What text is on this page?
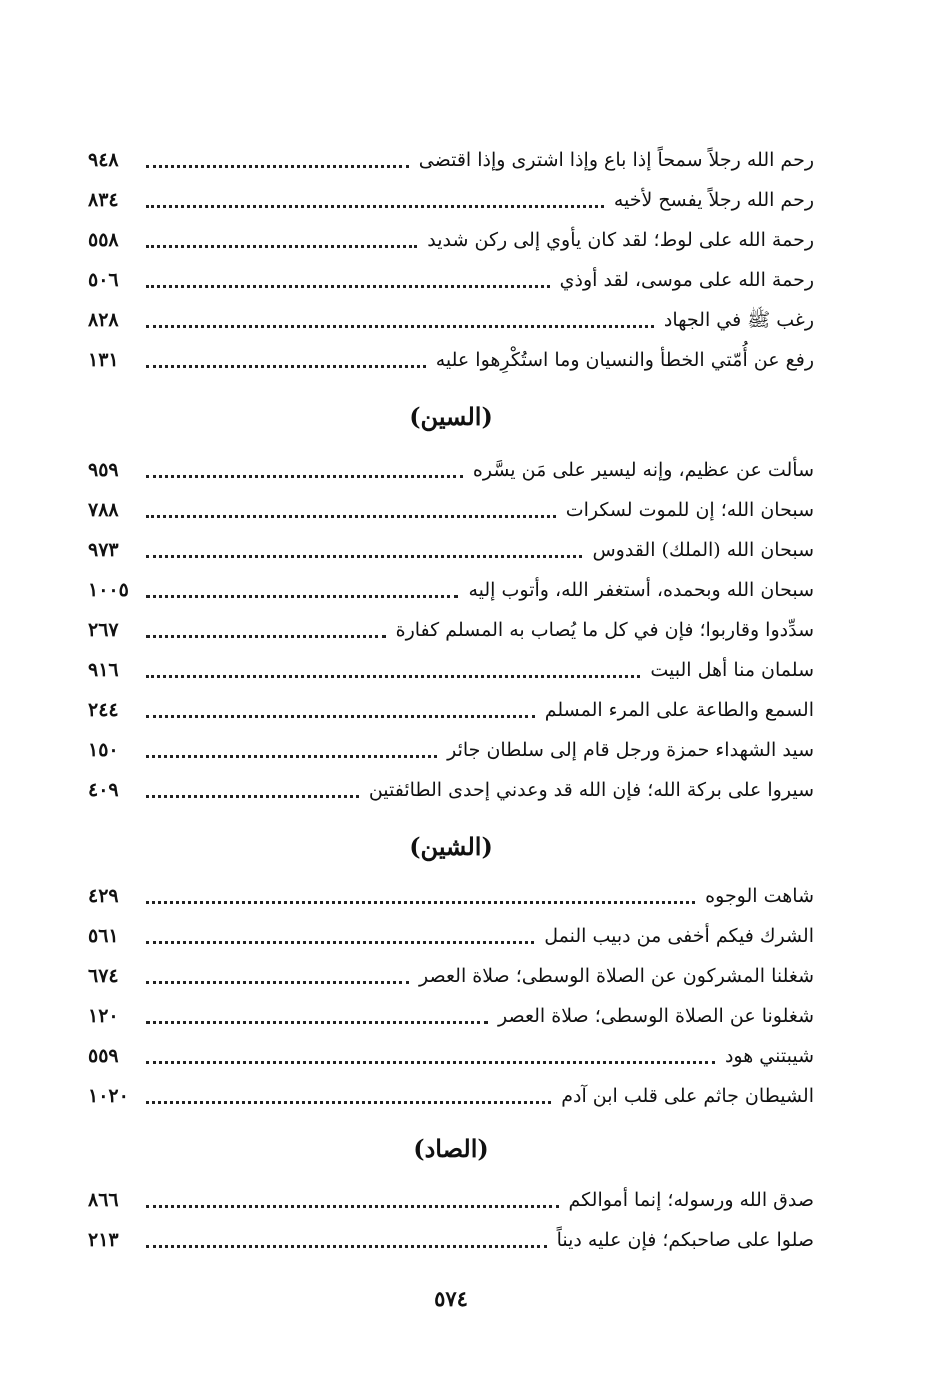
٩٤٨	رحم الله رجلاً سمحاً إذا باع وإذا اشترى وإذا اقتضى
٨٣٤	رحم الله رجلاً يفسح لأخيه
٥٥٨	رحمة الله على لوط؛ لقد كان يأوي إلى ركن شديد
٥٠٦	رحمة الله على موسى، لقد أوذي
٨٢٨	رغب ﷺ في الجهاد
١٣١	رفع عن أُمّتي الخطأ والنسيان وما استُكْرِهوا عليه
(السين)
٩٥٩	سألت عن عظيم، وإنه ليسير على مَن يسَّره
٧٨٨	سبحان الله؛ إن للموت لسكرات
٩٧٣	سبحان الله (الملك) القدوس
١٠٠٥	سبحان الله وبحمده، أستغفر الله، وأتوب إليه
٢٦٧	سدِّدوا وقاربوا؛ فإن في كل ما يُصاب به المسلم كفارة
٩١٦	سلمان منا أهل البيت
٢٤٤	السمع والطاعة على المرء المسلم
١٥٠	سيد الشهداء حمزة ورجل قام إلى سلطان جائر
٤٠٩	سيروا على بركة الله؛ فإن الله قد وعدني إحدى الطائفتين
(الشين)
٤٢٩	شاهت الوجوه
٥٦١	الشرك فيكم أخفى من دبيب النمل
٦٧٤	شغلنا المشركون عن الصلاة الوسطى؛ صلاة العصر
١٢٠	شغلونا عن الصلاة الوسطى؛ صلاة العصر
٥٥٩	شيبتني هود
١٠٢٠	الشيطان جاثم على قلب ابن آدم
(الصاد)
٨٦٦	صدق الله ورسوله؛ إنما أموالكم
٢١٣	صلوا على صاحبكم؛ فإن عليه ديناً
٥٧٤
